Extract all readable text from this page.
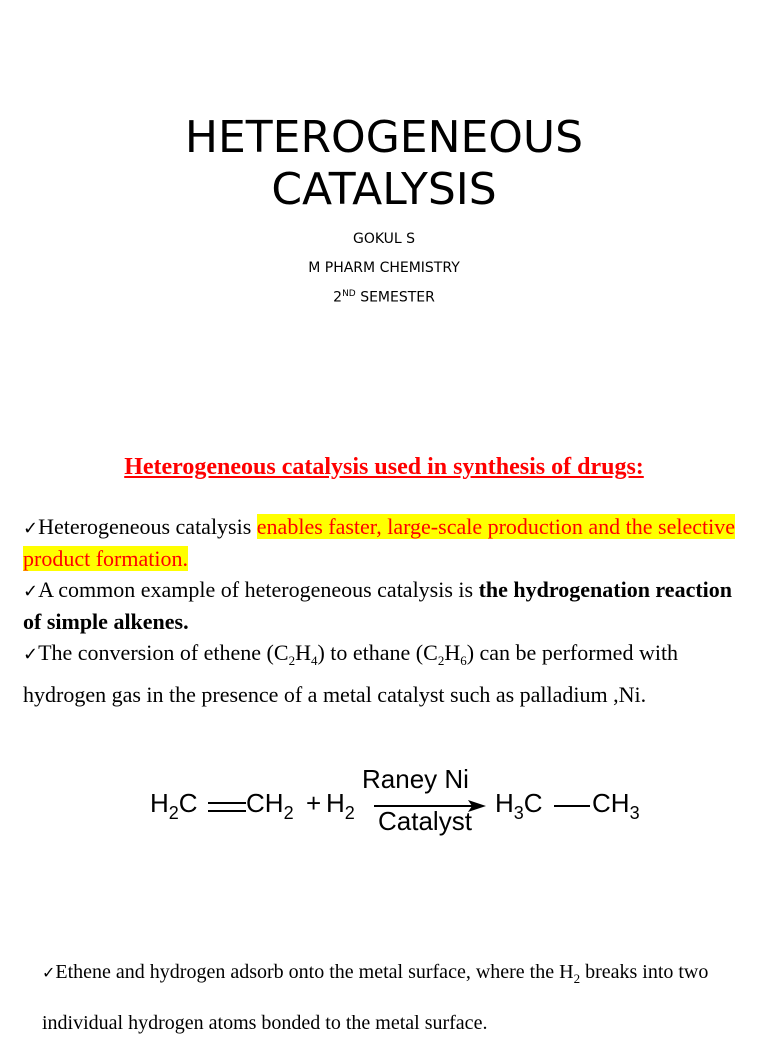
HETEROGENEOUS
CATALYSIS
GOKUL S
M PHARM CHEMISTRY
2ND SEMESTER
Heterogeneous catalysis used in synthesis of drugs:
✓Heterogeneous catalysis enables faster, large-scale production and the selective product formation.
✓A common example of heterogeneous catalysis is the hydrogenation reaction of simple alkenes.
✓The conversion of ethene $(C_2H_4)$ to ethane $(C_2H_6)$ can be performed with hydrogen gas in the presence of a metal catalyst such as palladium ,Ni.
$H_2C$ $CH_2 + H_2$
Raney Ni
Catalyst
$H_3C$ $CH_3$
✓Ethene and hydrogen adsorb onto the metal surface, where the $H_2$ breaks into two individual hydrogen atoms bonded to the metal surface.
